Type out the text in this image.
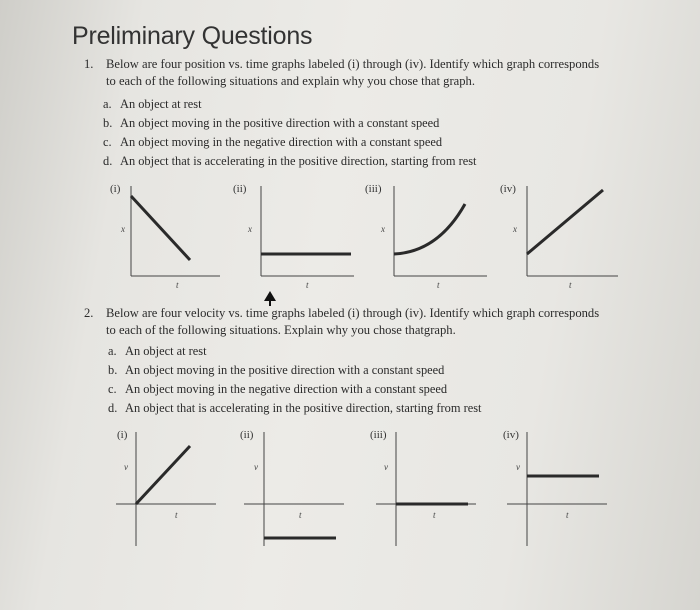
Preliminary Questions
1. Below are four position vs. time graphs labeled (i) through (iv). Identify which graph corresponds to each of the following situations and explain why you chose that graph.
a. An object at rest
b. An object moving in the positive direction with a constant speed
c. An object moving in the negative direction with a constant speed
d. An object that is accelerating in the positive direction, starting from rest
(i)	(ii)	(iii)	(iv)
x	x	x	x
t	t	t	t
2. Below are four velocity vs. time graphs labeled (i) through (iv). Identify which graph corresponds to each of the following situations. Explain why you chose thatgraph.
a. An object at rest
b. An object moving in the positive direction with a constant speed
c. An object moving in the negative direction with a constant speed
d. An object that is accelerating in the positive direction, starting from rest
(i)	(ii)	(iii)	(iv)
v	v	v	v
t	t	t	t
